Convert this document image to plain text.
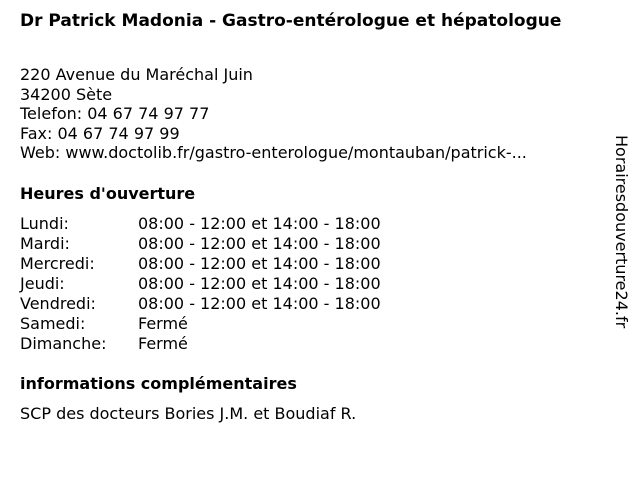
Dr Patrick Madonia - Gastro-entérologue et hépatologue
220 Avenue du Maréchal Juin
34200 Sète
Telefon: 04 67 74 97 77
Fax: 04 67 74 97 99
Web: www.doctolib.fr/gastro-enterologue/montauban/patrick-...
Heures d'ouverture
Lundi:	08:00 - 12:00 et 14:00 - 18:00
Mardi:	08:00 - 12:00 et 14:00 - 18:00
Mercredi:	08:00 - 12:00 et 14:00 - 18:00
Jeudi:	08:00 - 12:00 et 14:00 - 18:00
Vendredi:	08:00 - 12:00 et 14:00 - 18:00
Samedi:	Fermé
Dimanche: Fermé
informations complémentaires
SCP des docteurs Bories J.M. et Boudiaf R.
Horairesdouverture24.fr
